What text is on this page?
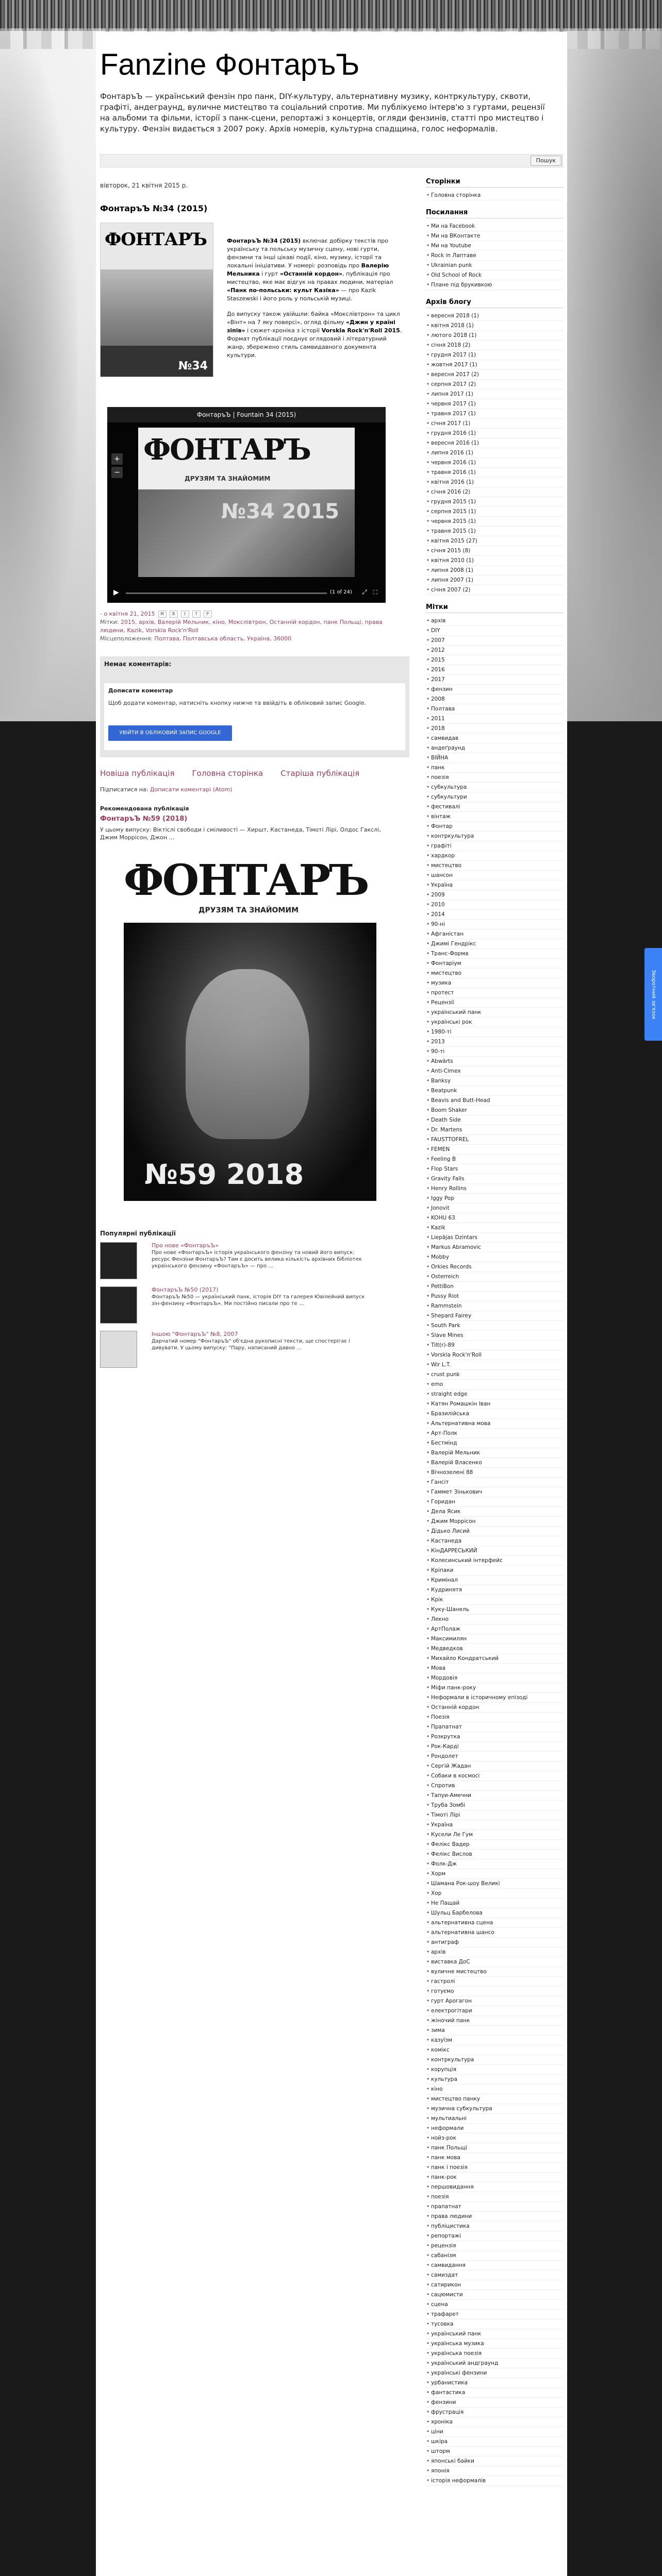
Fanzine ФонтаръЪ

ФонтаръЪ — український фензін про панк, DIY-культуру, альтернативну музику, контркультуру, сквоти, графіті, андеграунд, вуличне мистецтво та соціальний спротив. Ми публікуємо інтерв'ю з гуртами, рецензії на альбоми та фільми, історії з панк-сцени, репортажі з концертів, огляди фензинів, статті про мистецтво і культуру. Фензін видається з 2007 року. Архів номерів, культурна спадщина, голос неформалів.

Пошук
вівторок, 21 квітня 2015 р.
ФонтаръЪ №34 (2015)
ФОНТАРЪ
№34

ФонтаръЪ №34 (2015) включає добірку текстів про українську та польську музичну сцену, нові гурти, фензини та інші цікаві події, кіно, музику, історії та локальні ініціативи. У номері: розповідь про Валерію Мельника і гурт «Останній кордон», публікація про мистецтво, яке має відгук на правах людини, матеріал «Панк по-польськи: культ Казіка» — про Kazik Staszewski і його роль у польській музиці.

До випуску також увійшли: байка «Мокслівтрон» та цикл «Вінт» на 7 яку поверсі», огляд фільму «Джин у країні зіпів» і сюжет-хроніка з історії Vorskla Rock'n'Roll 2015. Формат публікації поєднує оглядовий і літературний жанр, збережено стиль самвидавного документа культури.

ФонтаръЪ | Fountain 34 (2015)
+
−
ФОНТАРЪ
ДРУЗЯМ ТА ЗНАЙОМИМ
№34 2015
▶	(1 of 24) ⤢ ⛶
- о квітня 21, 2015	M	B	t	f	P
Мітки: 2015, архів, Валерій Мельник, кіно, Мокслівтрон, Останній кордон, панк Польщі, права людини, Kazik, Vorskla Rock'n'Roll
Місцеположення: Полтава, Полтавська область, Україна, 36000
Немає коментарів:
Дописати коментар

Щоб додати коментар, натисніть кнопку нижче та ввійдіть в обліковий запис Google.

УВІЙТИ В ОБЛІКОВИЙ ЗАПИС GOOGLE
Новіша публікація Головна сторінка Старіша публікація
Підписатися на: Дописати коментарі (Atom)
Рекомендована публікація
ФонтаръЪ №59 (2018)
У цьому випуску: Віктіслі свободи і сміливості — Хиршт, Кастанеда, Тімоті Лірі, Олдос Гакслі, Джим Моррісон, Джон ...
ФОНТАРЪ
ДРУЗЯМ ТА ЗНАЙОМИМ
№59 2018
Популярні публікації
Про нове «ФонтаръЪ»
Про нове «ФонтаръЪ» історія українського фензіну та новий його випуск: ресурс Фензіни ФонтаръЪ? Там є досить велика кількість архівних бібліотек українського фензину «ФонтаръЪ» — про ...
ФонтаръЪ №50 (2017)
ФонтаръЪ №50 — український панк, історія DIY та галерея Ювілейний випуск зін-фензину «ФонтаръЪ». Ми постійно писали про те ...
Іншою "ФонтаръЪ" №8, 2007
Дарчатий номер "ФонтаръЪ" об'єдна рукописні тексти, ще спостерігає і дивувати. У цьому випуску: "Пару, написаний давно ...
Сторінки
• Головна сторінка
Посилання
• Ми на Facebook
• Ми на ВКонтакте
• Ми на Youtube
• Rock in Лаптаве
• Ukrainian punk
• Old School of Rock
• Плане під брукивкою
Архів блогу
• вересня 2018 (1)
• квітня 2018 (1)
• лютого 2018 (1)
• січня 2018 (2)
• грудня 2017 (1)
• жовтня 2017 (1)
• вересня 2017 (2)
• серпня 2017 (2)
• липня 2017 (1)
• червня 2017 (1)
• травня 2017 (1)
• січня 2017 (1)
• грудня 2016 (1)
• вересня 2016 (1)
• липня 2016 (1)
• червня 2016 (1)
• травня 2016 (1)
• квітня 2016 (1)
• січня 2016 (2)
• грудня 2015 (1)
• серпня 2015 (1)
• червня 2015 (1)
• травня 2015 (1)
• квітня 2015 (27)
• січня 2015 (8)
• квітня 2010 (1)
• липня 2008 (1)
• липня 2007 (1)
• січня 2007 (2)
Мітки
• архів
• DIY
• 2007
• 2012
• 2015
• 2016
• 2017
• фензин
• 2008
• Полтава
• 2011
• 2018
• самвидав
• андеґраунд
• ВІЙНА
• панк
• поезія
• субкультура
• субкультури
• фестивалі
• вінтаж
• Фонтар
• контркультура
• графіті
• хардкор
• мистецтво
• шансон
• Україна
• 2009
• 2010
• 2014
• 90-ні
• Афганістан
• Джимі Гендрікс
• Транс-Форма
• Фонтаріум
• мистецтво
• музика
• протест
• Рецензії
• український панк
• українські рок
• 1980-ті
• 2013
• 90-ті
• Abwärts
• Anti-Cimex
• Banksy
• Beatpunk
• Beavis and Butt-Head
• Boom Shaker
• Death Side
• Dr. Martens
• FAUSTTOFREL
• FEMEN
• Feeling B
• Flop Stars
• Gravity Falls
• Henry Rollins
• Iggy Pop
• Jonovit
• KOHU 63
• Kazik
• Liepājas Dzintars
• Markus Abramovic
• Mobby
• Orkies Records
• Osterreich
• PettiBon
• Pussy Riot
• Rammstein
• Shepard Fairey
• South Park
• Slave Mines
• Tilt(r)-89
• Vorskla Rock'n'Roll
• Wir L.T.
• crust punk
• emo
• straight edge
• Катян Ромашкін Іван
• Бразилійська
• Альтернативна мова
• Арт-Полк
• Бестмінд
• Валерій Мельник
• Валерій Власенко
• Вічнозелені 88
• Гансіт
• Гаммет Зінькович
• Горидан
• Дела Ясик
• Джим Моррісон
• Дідько Лисий
• Кастанеда
• КінДАРРЕСЬКИЙ
• Колесинський інтерфейс
• Кріпаки
• Кримінал
• Кудринятя
• Крік
• Куку-Шанель
• Лекно
• АртПолаж
• Максимилян
• Медведков
• Михайло Кондратський
• Мова
• Мордовія
• Міфи панк-року
• Неформали в історичному епізоді
• Останній кордон
• Поезія
• Прапатнат
• Розкрутка
• Рок-Карді
• Рондолет
• Сергій Жадан
• Собаки в космосі
• Спротив
• Тапуи-Амечни
• Труба Зомбі
• Тімоті Лірі
• Україна
• Кусели Ле Гум
• Фелікс Вадер
• Фелікс Вислов
• Фолк-Дж
• Хорм
• Шамана Рок-шоу Великі
• Хор
• Не Пащай
• Шульц Барбелова
• альтернативна сцена
• альтернативна шансо
• антиграф
• архів
• виставка ДоС
• вуличне мистецтво
• гастролі
• готуємо
• гурт Арогагон
• електрогітари
• жіночий панк
• зима
• казуїзм
• комікс
• контркультура
• корупція
• культура
• кіно
• мистецтво панку
• музична субкультура
• мультиальні
• неформали
• нойз-рок
• панк Польщі
• панк мова
• панк і поезія
• панк-рок
• першовидання
• поезія
• прапатнат
• права людини
• публіцистика
• репортажі
• рецензія
• сабанізм
• самвидання
• самиздат
• сатирикон
• сацюмисти
• сцена
• трафарет
• тусовка
• український панк
• українська музика
• українська поезія
• український андграунд
• українські фензини
• урбанистика
• фантастика
• фензини
• фрустрація
• хроніка
• ціни
• шкіра
• шторм
• японські байки
• японія
• історія неформалів
Зворотний зв'язок
